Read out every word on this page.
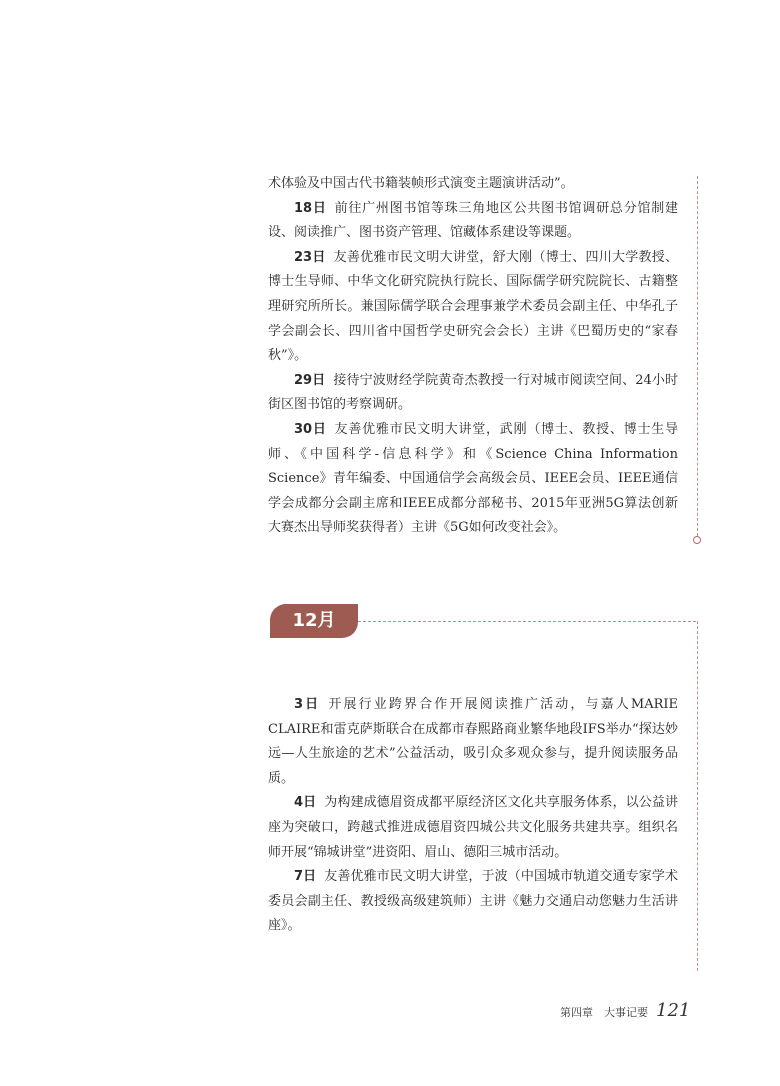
术体验及中国古代书籍装帧形式演变主题演讲活动”。

18日 前往广州图书馆等珠三角地区公共图书馆调研总分馆制建设、阅读推广、图书资产管理、馆藏体系建设等课题。

23日 友善优雅市民文明大讲堂，舒大刚（博士、四川大学教授、博士生导师、中华文化研究院执行院长、国际儒学研究院院长、古籍整理研究所所长。兼国际儒学联合会理事兼学术委员会副主任、中华孔子学会副会长、四川省中国哲学史研究会会长）主讲《巴蜀历史的“家春秋”》。

29日 接待宁波财经学院黄奇杰教授一行对城市阅读空间、24小时街区图书馆的考察调研。

30日 友善优雅市民文明大讲堂，武刚（博士、教授、博士生导师、《中国科学-信息科学》和《Science China Information Science》青年编委、中国通信学会高级会员、IEEE会员、IEEE通信学会成都分会副主席和IEEE成都分部秘书、2015年亚洲5G算法创新大赛杰出导师奖获得者）主讲《5G如何改变社会》。

12月

3日 开展行业跨界合作开展阅读推广活动，与嘉人MARIE CLAIRE和雷克萨斯联合在成都市春熙路商业繁华地段IFS举办“探达妙远—人生旅途的艺术”公益活动，吸引众多观众参与，提升阅读服务品质。

4日 为构建成德眉资成都平原经济区文化共享服务体系，以公益讲座为突破口，跨越式推进成德眉资四城公共文化服务共建共享。组织名师开展“锦城讲堂”进资阳、眉山、德阳三城市活动。

7日 友善优雅市民文明大讲堂，于波（中国城市轨道交通专家学术委员会副主任、教授级高级建筑师）主讲《魅力交通启动您魅力生活讲座》。

第四章　大事记要 121
